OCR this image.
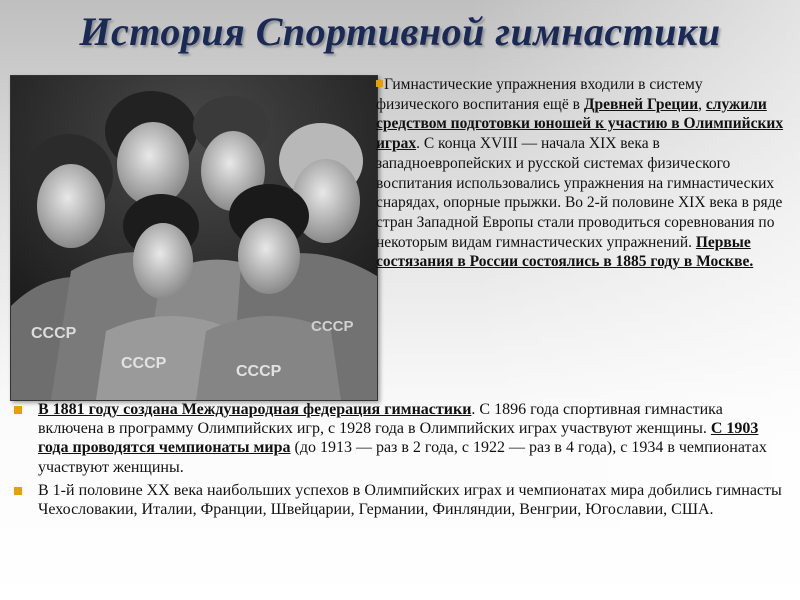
История Спортивной гимнастики
СССР
СССР	СССР
СССР

Гимнастические упражнения входили в систему физического воспитания ещё в Древней Греции, служили средством подготовки юношей к участию в Олимпийских играх. С конца XVIII — начала XIX века в западноевропейских и русской системах физического воспитания использовались упражнения на гимнастических снарядах, опорные прыжки. Во 2-й половине XIX века в ряде стран Западной Европы стали проводиться соревнования по некоторым видам гимнастических упражнений. Первые состязания в России состоялись в 1885 году в Москве.

В 1881 году создана Международная федерация гимнастики. С 1896 года спортивная гимнастика включена в программу Олимпийских игр, с 1928 года в Олимпийских играх участвуют женщины. С 1903 года проводятся чемпионаты мира (до 1913 — раз в 2 года, с 1922 — раз в 4 года), с 1934 в чемпионатах участвуют женщины.
В 1-й половине XX века наибольших успехов в Олимпийских играх и чемпионатах мира добились гимнасты Чехословакии, Италии, Франции, Швейцарии, Германии, Финляндии, Венгрии, Югославии, США.
